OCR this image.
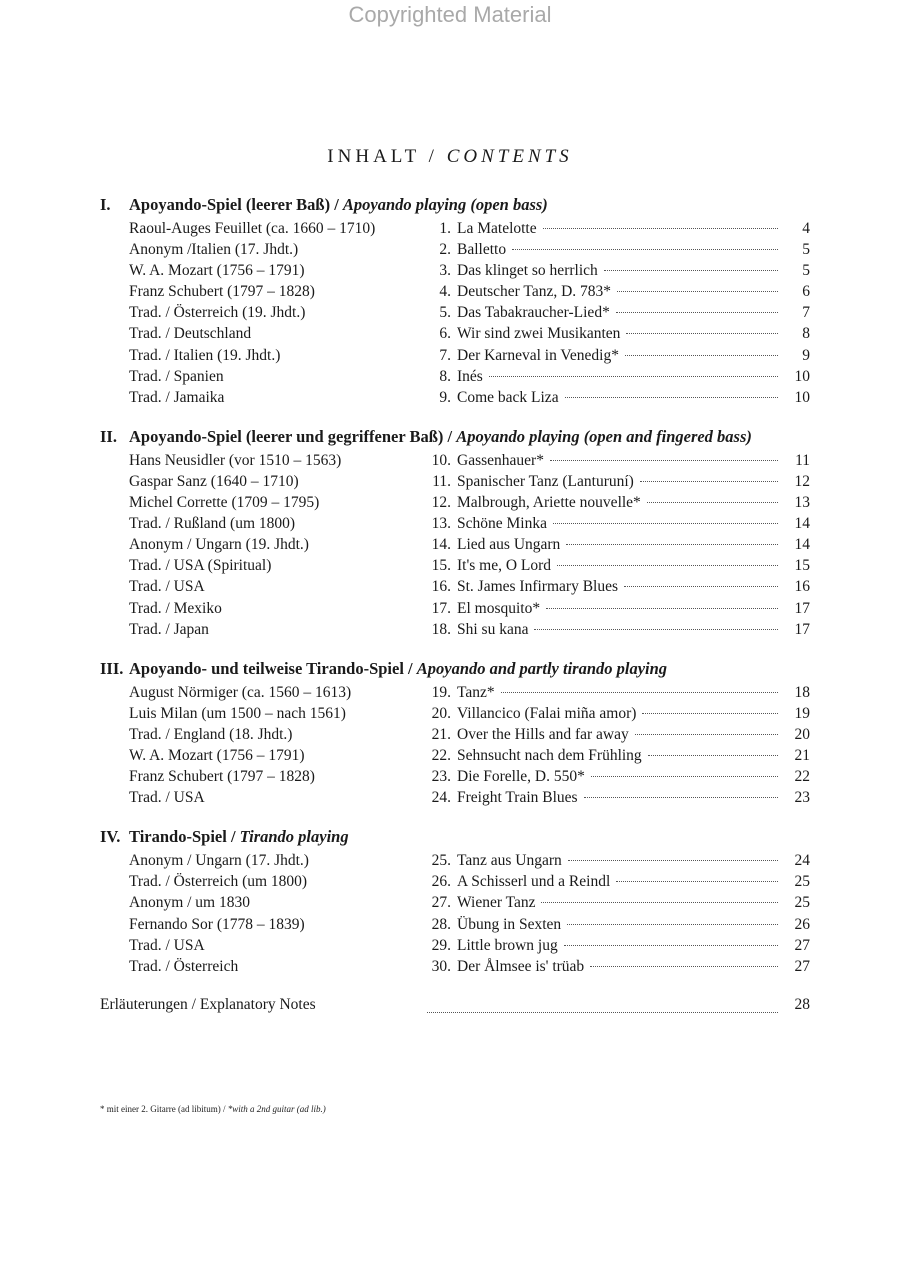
Copyrighted Material
INHALT / CONTENTS
I.	Apoyando-Spiel (leerer Baß) / Apoyando playing (open bass)
Raoul-Auges Feuillet (ca. 1660 – 1710)	1. La Matelotte	4
Anonym /Italien (17. Jhdt.)	2. Balletto	5
W. A. Mozart (1756 – 1791)	3. Das klinget so herrlich	5
Franz Schubert (1797 – 1828)	4. Deutscher Tanz, D. 783*	6
Trad. / Österreich (19. Jhdt.)	5. Das Tabakraucher-Lied*	7
Trad. / Deutschland	6. Wir sind zwei Musikanten	8
Trad. / Italien (19. Jhdt.)	7. Der Karneval in Venedig*	9
Trad. / Spanien	8. Inés	10
Trad. / Jamaika	9. Come back Liza	10
II. Apoyando-Spiel (leerer und gegriffener Baß) / Apoyando playing (open and fingered bass)
Hans Neusidler (vor 1510 – 1563)	10. Gassenhauer*	11
Gaspar Sanz (1640 – 1710)	11. Spanischer Tanz (Lanturuní)	12
Michel Corrette (1709 – 1795)	12. Malbrough, Ariette nouvelle*	13
Trad. / Rußland (um 1800)	13. Schöne Minka	14
Anonym / Ungarn (19. Jhdt.)	14. Lied aus Ungarn	14
Trad. / USA (Spiritual)	15. It's me, O Lord	15
Trad. / USA	16. St. James Infirmary Blues	16
Trad. / Mexiko	17. El mosquito*	17
Trad. / Japan	18. Shi su kana	17
III. Apoyando- und teilweise Tirando-Spiel / Apoyando and partly tirando playing
August Nörmiger (ca. 1560 – 1613)	19. Tanz*	18
Luis Milan (um 1500 – nach 1561)	20. Villancico (Falai miña amor)	19
Trad. / England (18. Jhdt.)	21. Over the Hills and far away	20
W. A. Mozart (1756 – 1791)	22. Sehnsucht nach dem Frühling	21
Franz Schubert (1797 – 1828)	23. Die Forelle, D. 550*	22
Trad. / USA	24. Freight Train Blues	23
IV. Tirando-Spiel / Tirando playing
Anonym / Ungarn (17. Jhdt.)	25. Tanz aus Ungarn	24
Trad. / Österreich (um 1800)	26. A Schisserl und a Reindl	25
Anonym / um 1830	27. Wiener Tanz	25
Fernando Sor (1778 – 1839)	28. Übung in Sexten	26
Trad. / USA	29. Little brown jug	27
Trad. / Österreich	30. Der Ålmsee is' trüab	27
Erläuterungen / Explanatory Notes	28
* mit einer 2. Gitarre (ad libitum) / *with a 2nd guitar (ad lib.)
